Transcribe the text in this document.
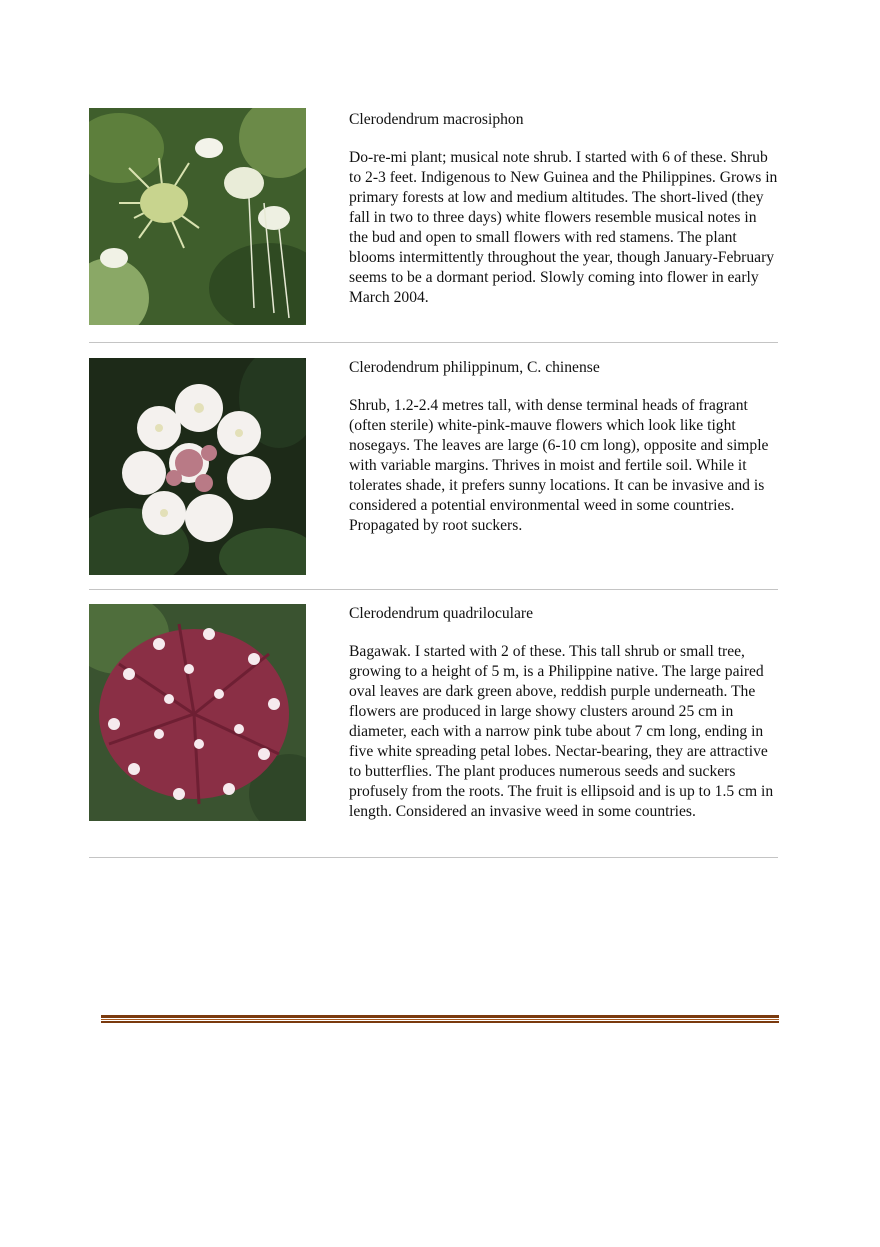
Clerodendrum macrosiphon

Do-re-mi plant; musical note shrub. I started with 6 of these. Shrub to 2-3 feet. Indigenous to New Guinea and the Philippines. Grows in primary forests at low and medium altitudes. The short-lived (they fall in two to three days) white flowers resemble musical notes in the bud and open to small flowers with red stamens. The plant blooms intermittently throughout the year, though January-February seems to be a dormant period. Slowly coming into flower in early March 2004.

Clerodendrum philippinum, C. chinense

Shrub, 1.2-2.4 metres tall, with dense terminal heads of fragrant (often sterile) white-pink-mauve flowers which look like tight nosegays. The leaves are large (6-10 cm long), opposite and simple with variable margins. Thrives in moist and fertile soil. While it tolerates shade, it prefers sunny locations. It can be invasive and is considered a potential environmental weed in some countries. Propagated by root suckers.

Clerodendrum quadriloculare

Bagawak. I started with 2 of these. This tall shrub or small tree, growing to a height of 5 m, is a Philippine native. The large paired oval leaves are dark green above, reddish purple underneath. The flowers are produced in large showy clusters around 25 cm in diameter, each with a narrow pink tube about 7 cm long, ending in five white spreading petal lobes. Nectar-bearing, they are attractive to butterflies. The plant produces numerous seeds and suckers profusely from the roots. The fruit is ellipsoid and is up to 1.5 cm in length. Considered an invasive weed in some countries.
